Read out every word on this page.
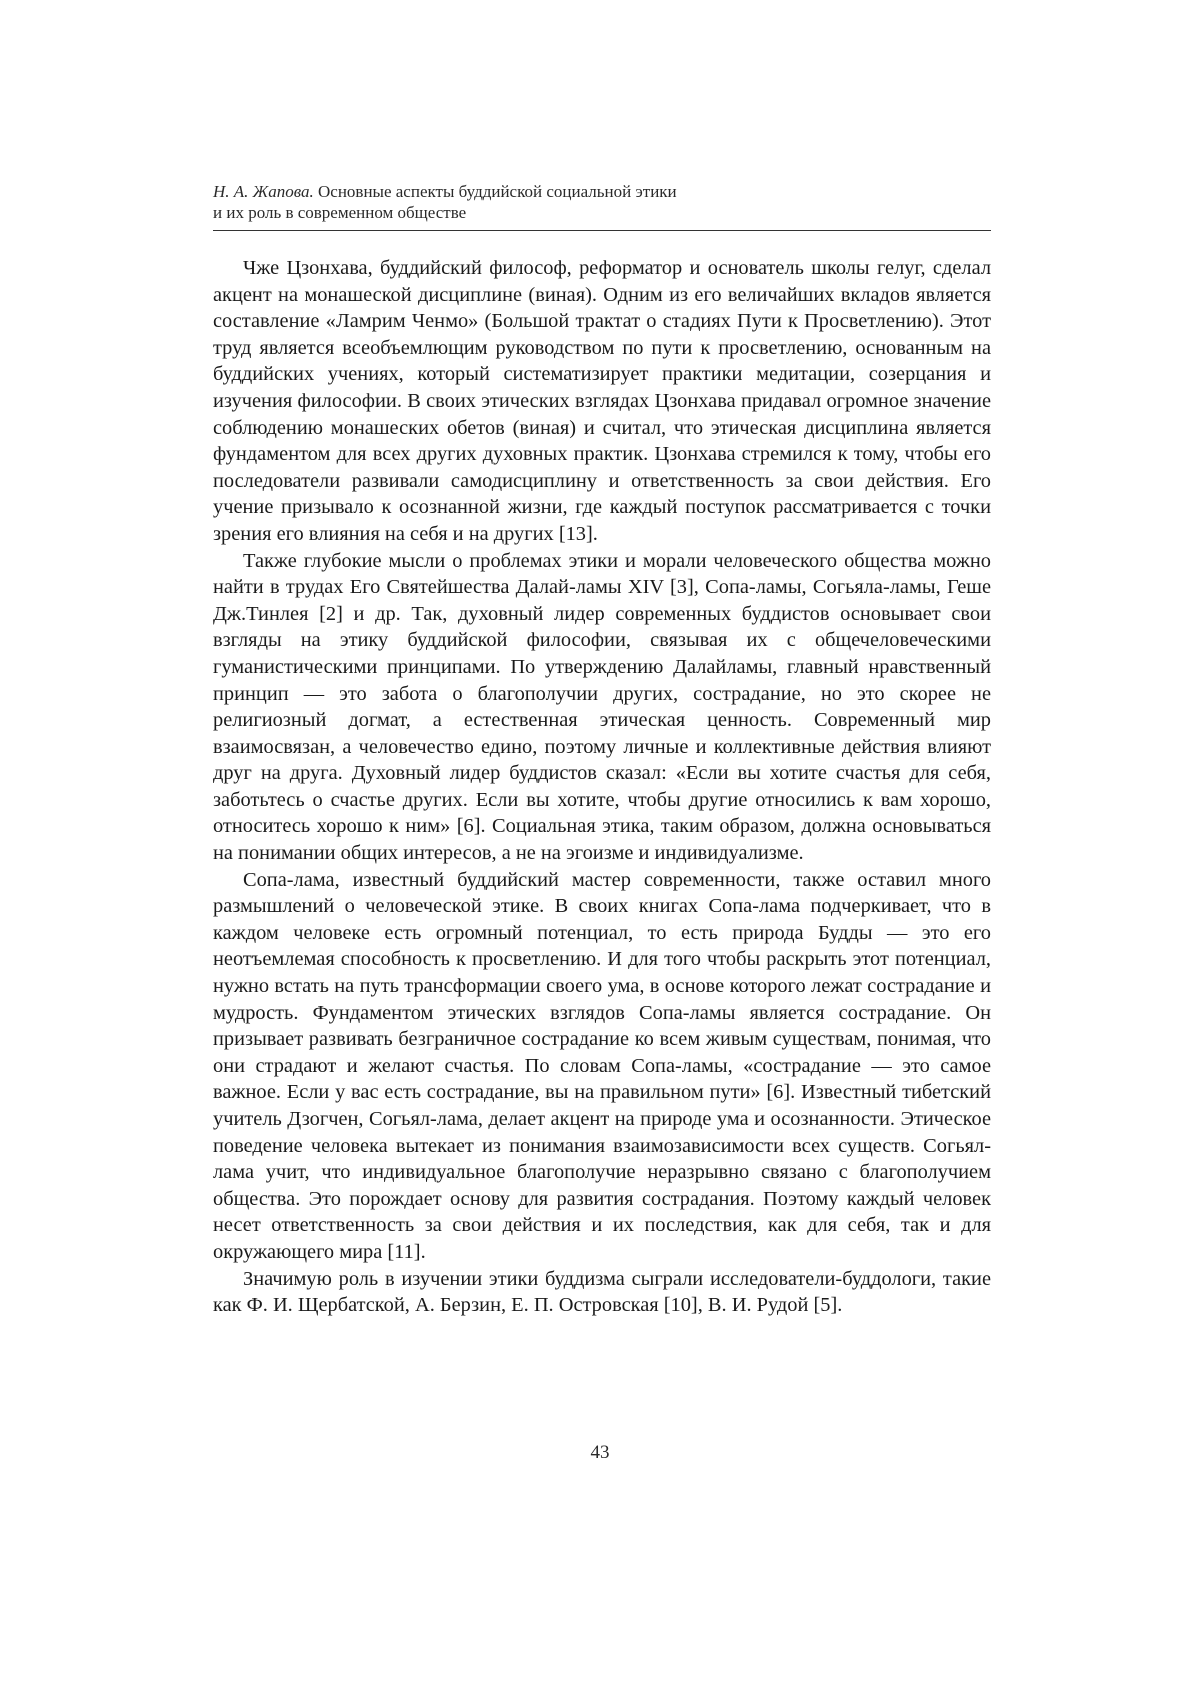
Н. А. Жапова. Основные аспекты буддийской социальной этики
и их роль в современном обществе

Чже Цзонхава, буддийский философ, реформатор и основатель школы гелуг, сделал акцент на монашеской дисциплине (виная). Одним из его величайших вкладов является составление «Ламрим Ченмо» (Большой трактат о стадиях Пути к Просветлению). Этот труд является всеобъемлющим руководством по пути к просветлению, основанным на буддийских учениях, который систематизирует практики медитации, созерцания и изучения философии. В своих этических взглядах Цзонхава придавал огромное значение соблюдению монашеских обетов (виная) и считал, что этическая дисциплина является фундаментом для всех других духовных практик. Цзонхава стремился к тому, чтобы его последователи развивали самодисциплину и ответственность за свои действия. Его учение призывало к осознанной жизни, где каждый поступок рассматривается с точки зрения его влияния на себя и на других [13].

Также глубокие мысли о проблемах этики и морали человеческого общества можно найти в трудах Его Святейшества Далай-ламы XIV [3], Сопа-ламы, Согьяла-ламы, Геше Дж.Тинлея [2] и др. Так, духовный лидер современных буддистов основывает свои взгляды на этику буддийской философии, связывая их с общечеловеческими гуманистическими принципами. По утверждению Далайламы, главный нравственный принцип — это забота о благополучии других, сострадание, но это скорее не религиозный догмат, а естественная этическая ценность. Современный мир взаимосвязан, а человечество едино, поэтому личные и коллективные действия влияют друг на друга. Духовный лидер буддистов сказал: «Если вы хотите счастья для себя, заботьтесь о счастье других. Если вы хотите, чтобы другие относились к вам хорошо, относитесь хорошо к ним» [6]. Социальная этика, таким образом, должна основываться на понимании общих интересов, а не на эгоизме и индивидуализме.

Сопа-лама, известный буддийский мастер современности, также оставил много размышлений о человеческой этике. В своих книгах Сопа-лама подчеркивает, что в каждом человеке есть огромный потенциал, то есть природа Будды — это его неотъемлемая способность к просветлению. И для того чтобы раскрыть этот потенциал, нужно встать на путь трансформации своего ума, в основе которого лежат сострадание и мудрость. Фундаментом этических взглядов Сопа-ламы является сострадание. Он призывает развивать безграничное сострадание ко всем живым существам, понимая, что они страдают и желают счастья. По словам Сопа-ламы, «сострадание — это самое важное. Если у вас есть сострадание, вы на правильном пути» [6]. Известный тибетский учитель Дзогчен, Согьял-лама, делает акцент на природе ума и осознанности. Этическое поведение человека вытекает из понимания взаимозависимости всех существ. Согьял-лама учит, что индивидуальное благополучие неразрывно связано с благополучием общества. Это порождает основу для развития сострадания. Поэтому каждый человек несет ответственность за свои действия и их последствия, как для себя, так и для окружающего мира [11].

Значимую роль в изучении этики буддизма сыграли исследователи-буддологи, такие как Ф. И. Щербатской, А. Берзин, Е. П. Островская [10], В. И. Рудой [5].

43
